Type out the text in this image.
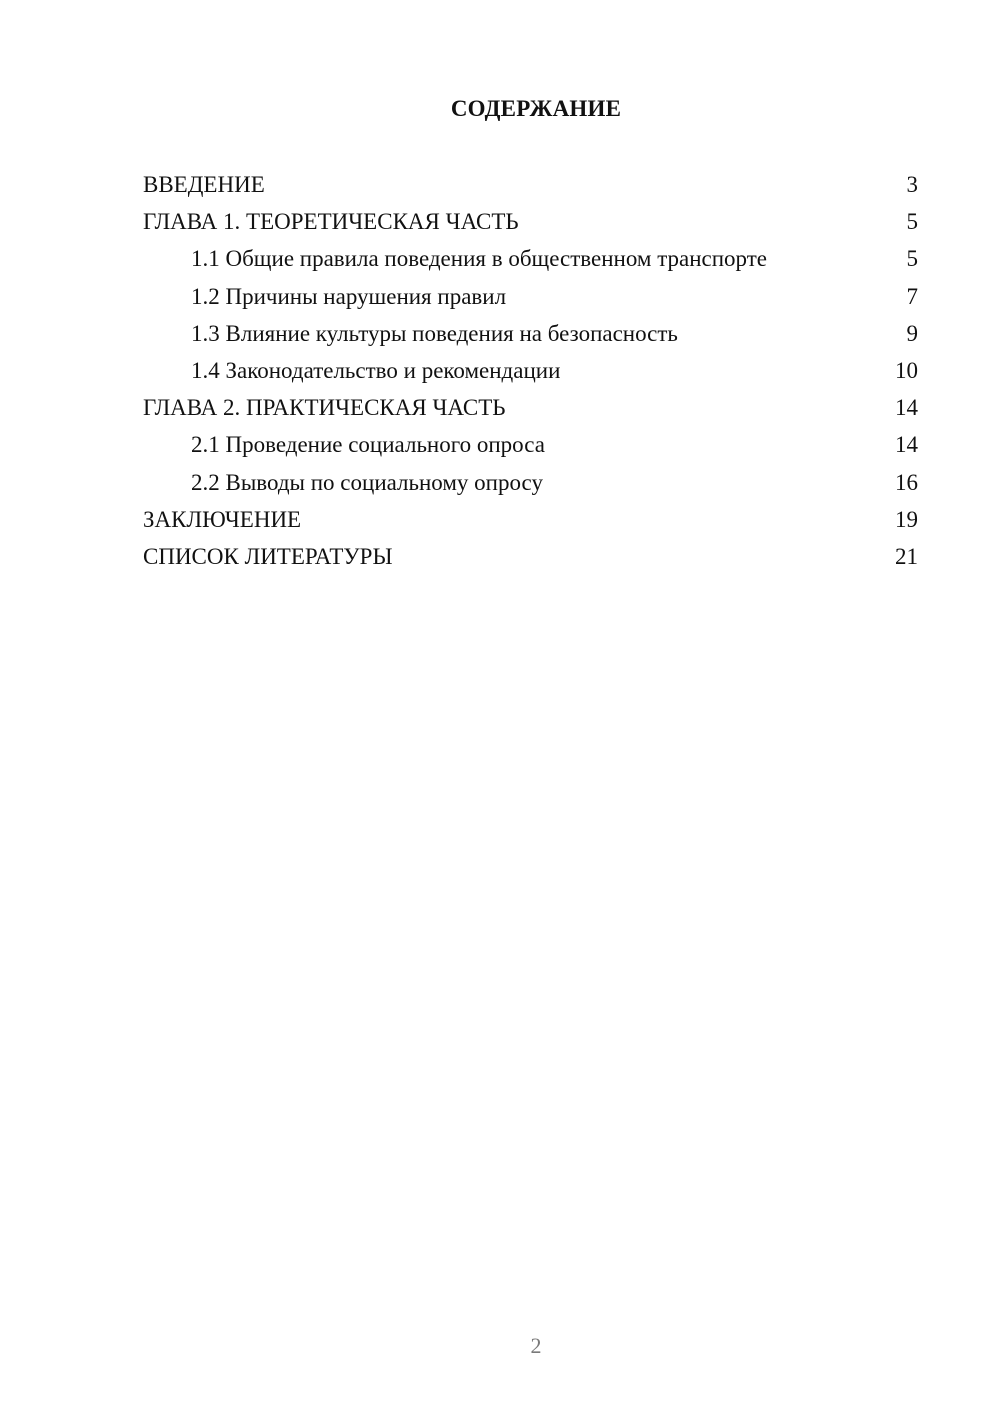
СОДЕРЖАНИЕ
ВВЕДЕНИЕ	3
ГЛАВА 1. ТЕОРЕТИЧЕСКАЯ ЧАСТЬ	5
1.1 Общие правила поведения в общественном транспорте	5
1.2 Причины нарушения правил	7
1.3 Влияние культуры поведения на безопасность	9
1.4 Законодательство и рекомендации	10
ГЛАВА 2. ПРАКТИЧЕСКАЯ ЧАСТЬ	14
2.1 Проведение социального опроса	14
2.2 Выводы по социальному опросу	16
ЗАКЛЮЧЕНИЕ	19
СПИСОК ЛИТЕРАТУРЫ	21
2
